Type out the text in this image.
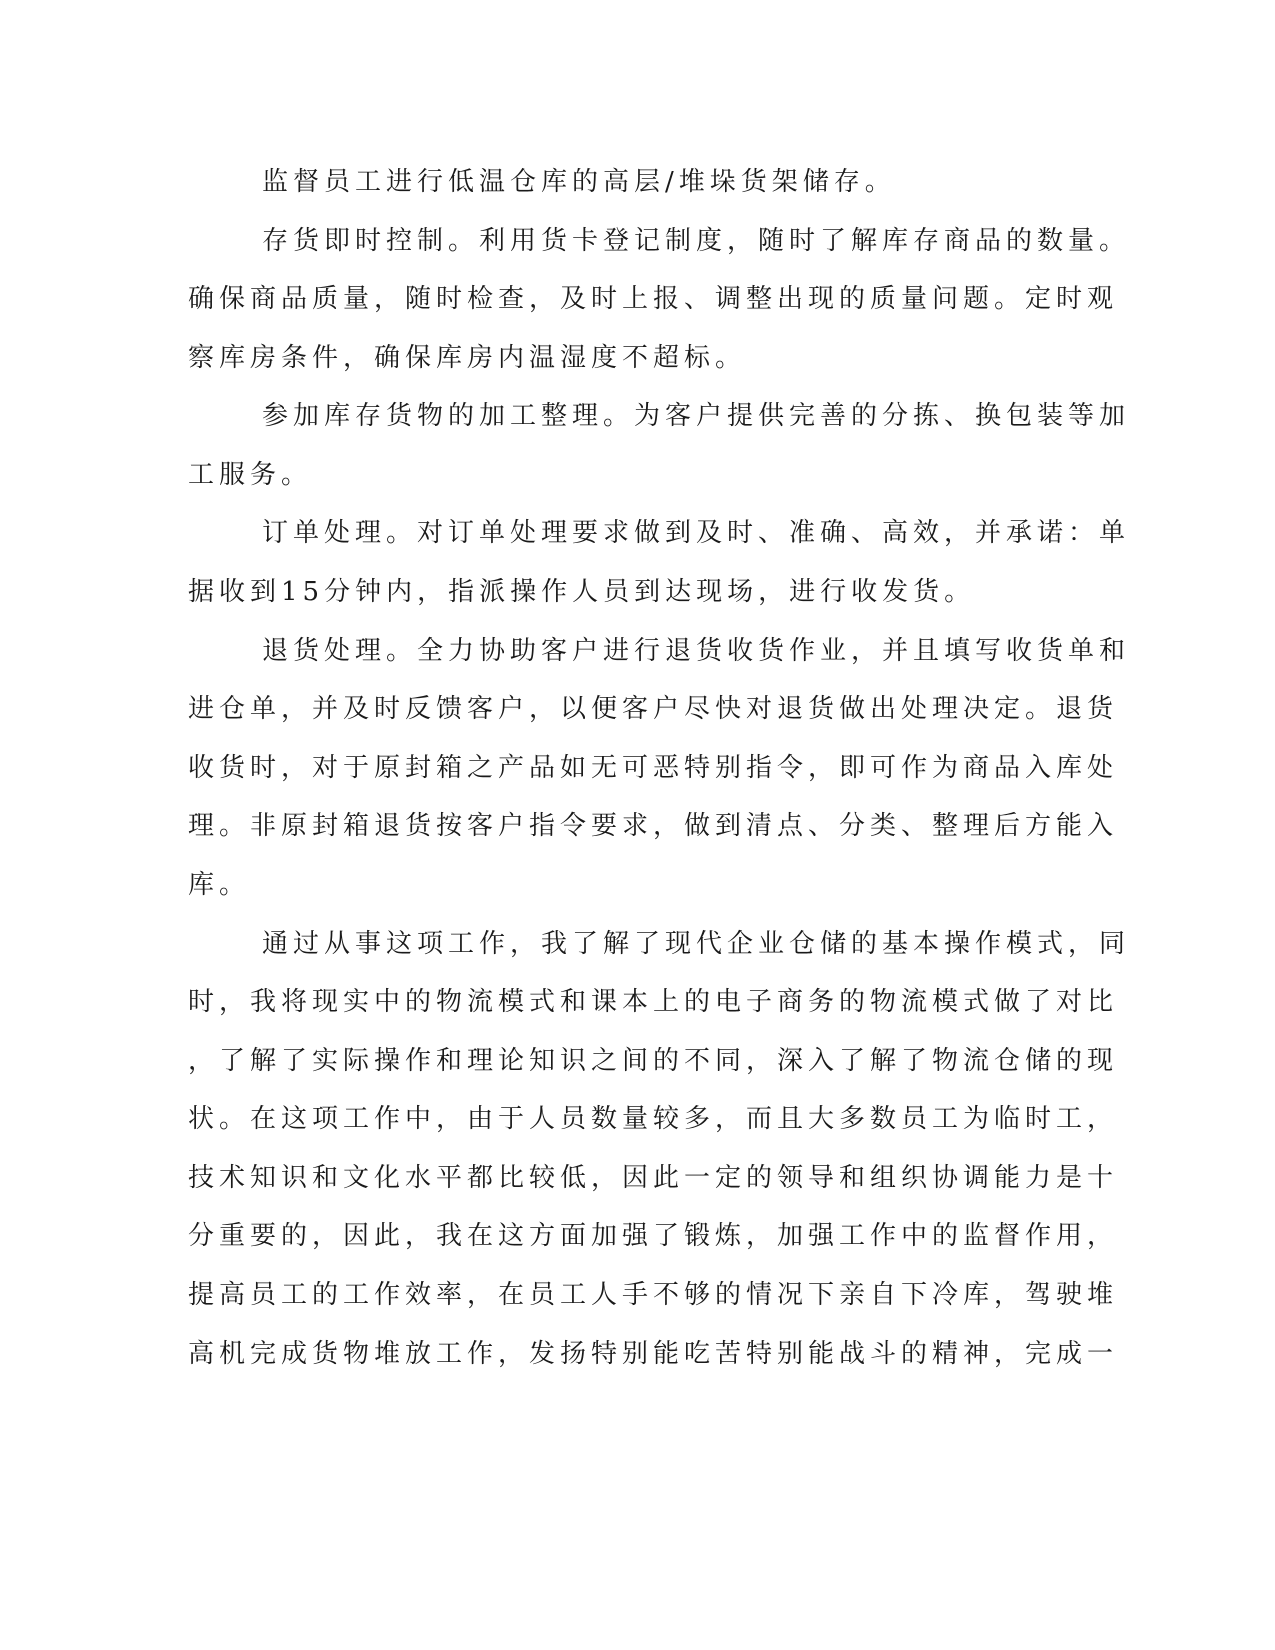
监督员工进行低温仓库的高层/堆垛货架储存。
存货即时控制。利用货卡登记制度，随时了解库存商品的数量。
确保商品质量，随时检查，及时上报、调整出现的质量问题。定时观
察库房条件，确保库房内温湿度不超标。
参加库存货物的加工整理。为客户提供完善的分拣、换包装等加
工服务。
订单处理。对订单处理要求做到及时、准确、高效，并承诺：单
据收到15分钟内，指派操作人员到达现场，进行收发货。
退货处理。全力协助客户进行退货收货作业，并且填写收货单和
进仓单，并及时反馈客户，以便客户尽快对退货做出处理决定。退货
收货时，对于原封箱之产品如无可恶特别指令，即可作为商品入库处
理。非原封箱退货按客户指令要求，做到清点、分类、整理后方能入
库。
通过从事这项工作，我了解了现代企业仓储的基本操作模式，同
时，我将现实中的物流模式和课本上的电子商务的物流模式做了对比
，了解了实际操作和理论知识之间的不同，深入了解了物流仓储的现
状。在这项工作中，由于人员数量较多，而且大多数员工为临时工，
技术知识和文化水平都比较低，因此一定的领导和组织协调能力是十
分重要的，因此，我在这方面加强了锻炼，加强工作中的监督作用，
提高员工的工作效率，在员工人手不够的情况下亲自下冷库，驾驶堆
高机完成货物堆放工作，发扬特别能吃苦特别能战斗的精神，完成一
